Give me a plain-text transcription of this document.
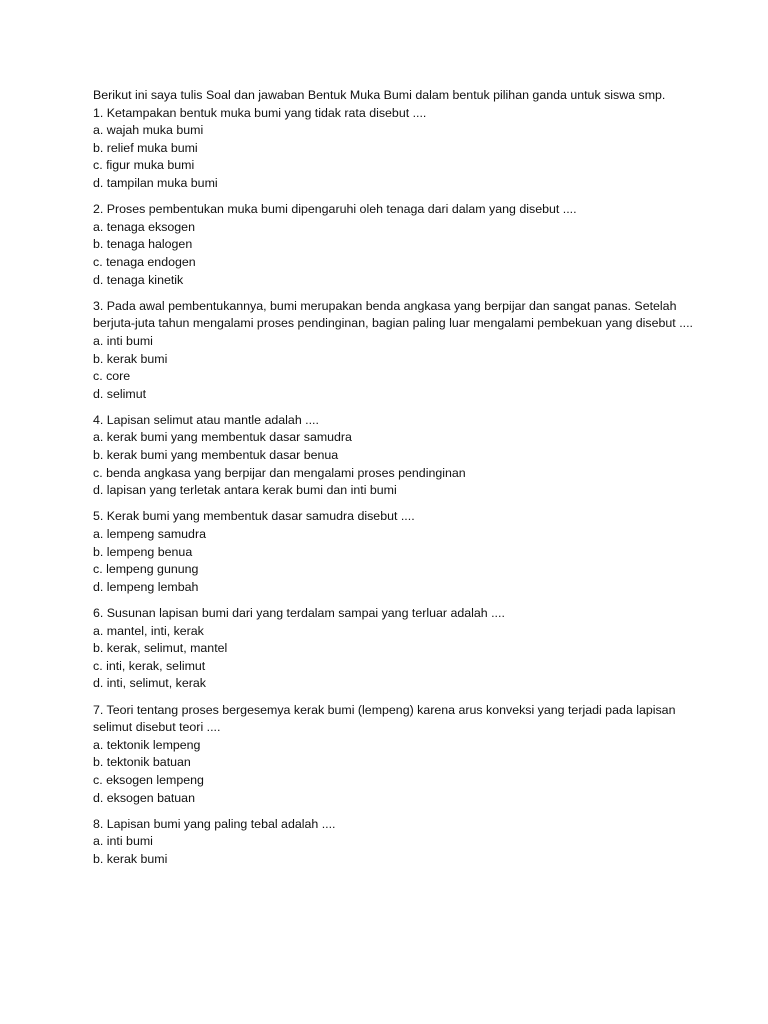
Berikut ini saya tulis Soal dan jawaban Bentuk Muka Bumi dalam bentuk pilihan ganda untuk siswa smp.

1. Ketampakan bentuk muka bumi yang tidak rata disebut ....

a. wajah muka bumi
b. relief muka bumi
c. figur muka bumi
d. tampilan muka bumi

2. Proses pembentukan muka bumi dipengaruhi oleh tenaga dari dalam yang disebut ....

a. tenaga eksogen
b. tenaga halogen
c. tenaga endogen
d. tenaga kinetik

3. Pada awal pembentukannya, bumi merupakan benda angkasa yang berpijar dan sangat panas. Setelah berjuta-juta tahun mengalami proses pendinginan, bagian paling luar mengalami pembekuan yang disebut ....

a. inti bumi
b. kerak bumi
c. core
d. selimut

4. Lapisan selimut atau mantle adalah ....

a. kerak bumi yang membentuk dasar samudra
b. kerak bumi yang membentuk dasar benua
c. benda angkasa yang berpijar dan mengalami proses pendinginan
d. lapisan yang terletak antara kerak bumi dan inti bumi

5. Kerak bumi yang membentuk dasar samudra disebut ....

a. lempeng samudra
b. lempeng benua
c. lempeng gunung
d. lempeng lembah

6. Susunan lapisan bumi dari yang terdalam sampai yang terluar adalah ....

a. mantel, inti, kerak
b. kerak, selimut, mantel
c. inti, kerak, selimut
d. inti, selimut, kerak

7. Teori tentang proses bergesemya kerak bumi (lempeng) karena arus konveksi yang terjadi pada lapisan selimut disebut teori ....

a. tektonik lempeng
b. tektonik batuan
c. eksogen lempeng
d. eksogen batuan

8. Lapisan bumi yang paling tebal adalah ....

a. inti bumi
b. kerak bumi
